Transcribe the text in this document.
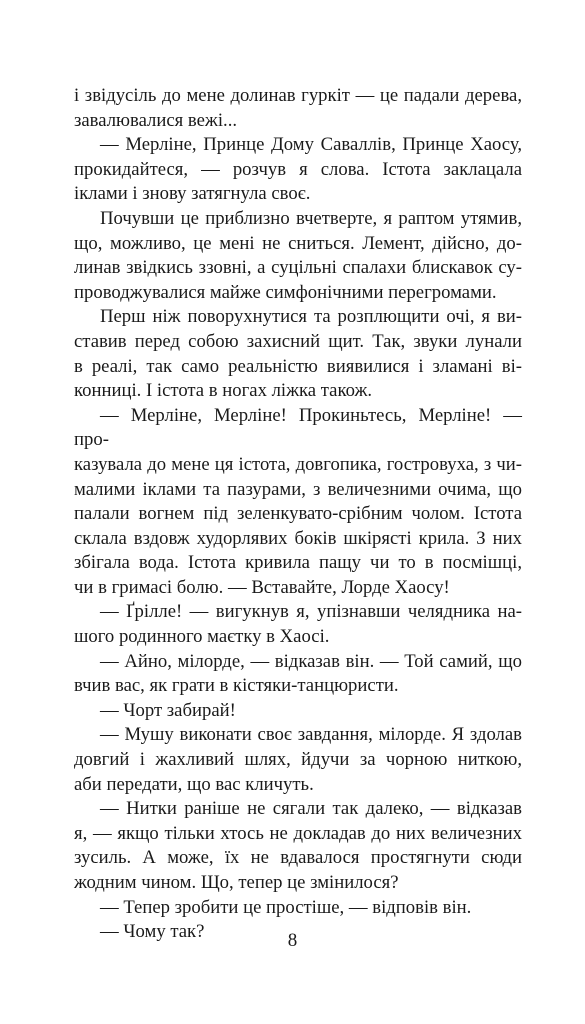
і звідусіль до мене долинав гуркіт — це падали дерева,
завалювалися вежі...

— Мерліне, Принце Дому Саваллів, Принце Хаосу,
прокидайтеся, — розчув я слова. Істота заклацала
іклами і знову затягнула своє.

Почувши це приблизно вчетверте, я раптом утямив,
що, можливо, це мені не сниться. Лемент, дійсно, до-
линав звідкись ззовні, а суцільні спалахи блискавок су-
проводжувалися майже симфонічними перегромами.

Перш ніж поворухнутися та розплющити очі, я ви-
ставив перед собою захисний щит. Так, звуки лунали
в реалі, так само реальністю виявилися і зламані ві-
конниці. І істота в ногах ліжка також.

— Мерліне, Мерліне! Прокиньтесь, Мерліне! — про-
казувала до мене ця істота, довгопика, гостровуха, з чи-
малими іклами та пазурами, з величезними очима, що
палали вогнем під зеленкувато-срібним чолом. Істота
склала вздовж худорлявих боків шкірясті крила. З них
збігала вода. Істота кривила пащу чи то в посмішці,
чи в гримасі болю. — Вставайте, Лорде Хаосу!

— Ґрілле! — вигукнув я, упізнавши челядника на-
шого родинного маєтку в Хаосі.

— Айно, мілорде, — відказав він. — Той самий, що
вчив вас, як грати в кістяки-танцюристи.

— Чорт забирай!

— Мушу виконати своє завдання, мілорде. Я здолав
довгий і жахливий шлях, йдучи за чорною ниткою,
аби передати, що вас кличуть.

— Нитки раніше не сягали так далеко, — відказав
я, — якщо тільки хтось не докладав до них величезних
зусиль. А може, їх не вдавалося простягнути сюди
жодним чином. Що, тепер це змінилося?

— Тепер зробити це простіше, — відповів він.

— Чому так?	8
